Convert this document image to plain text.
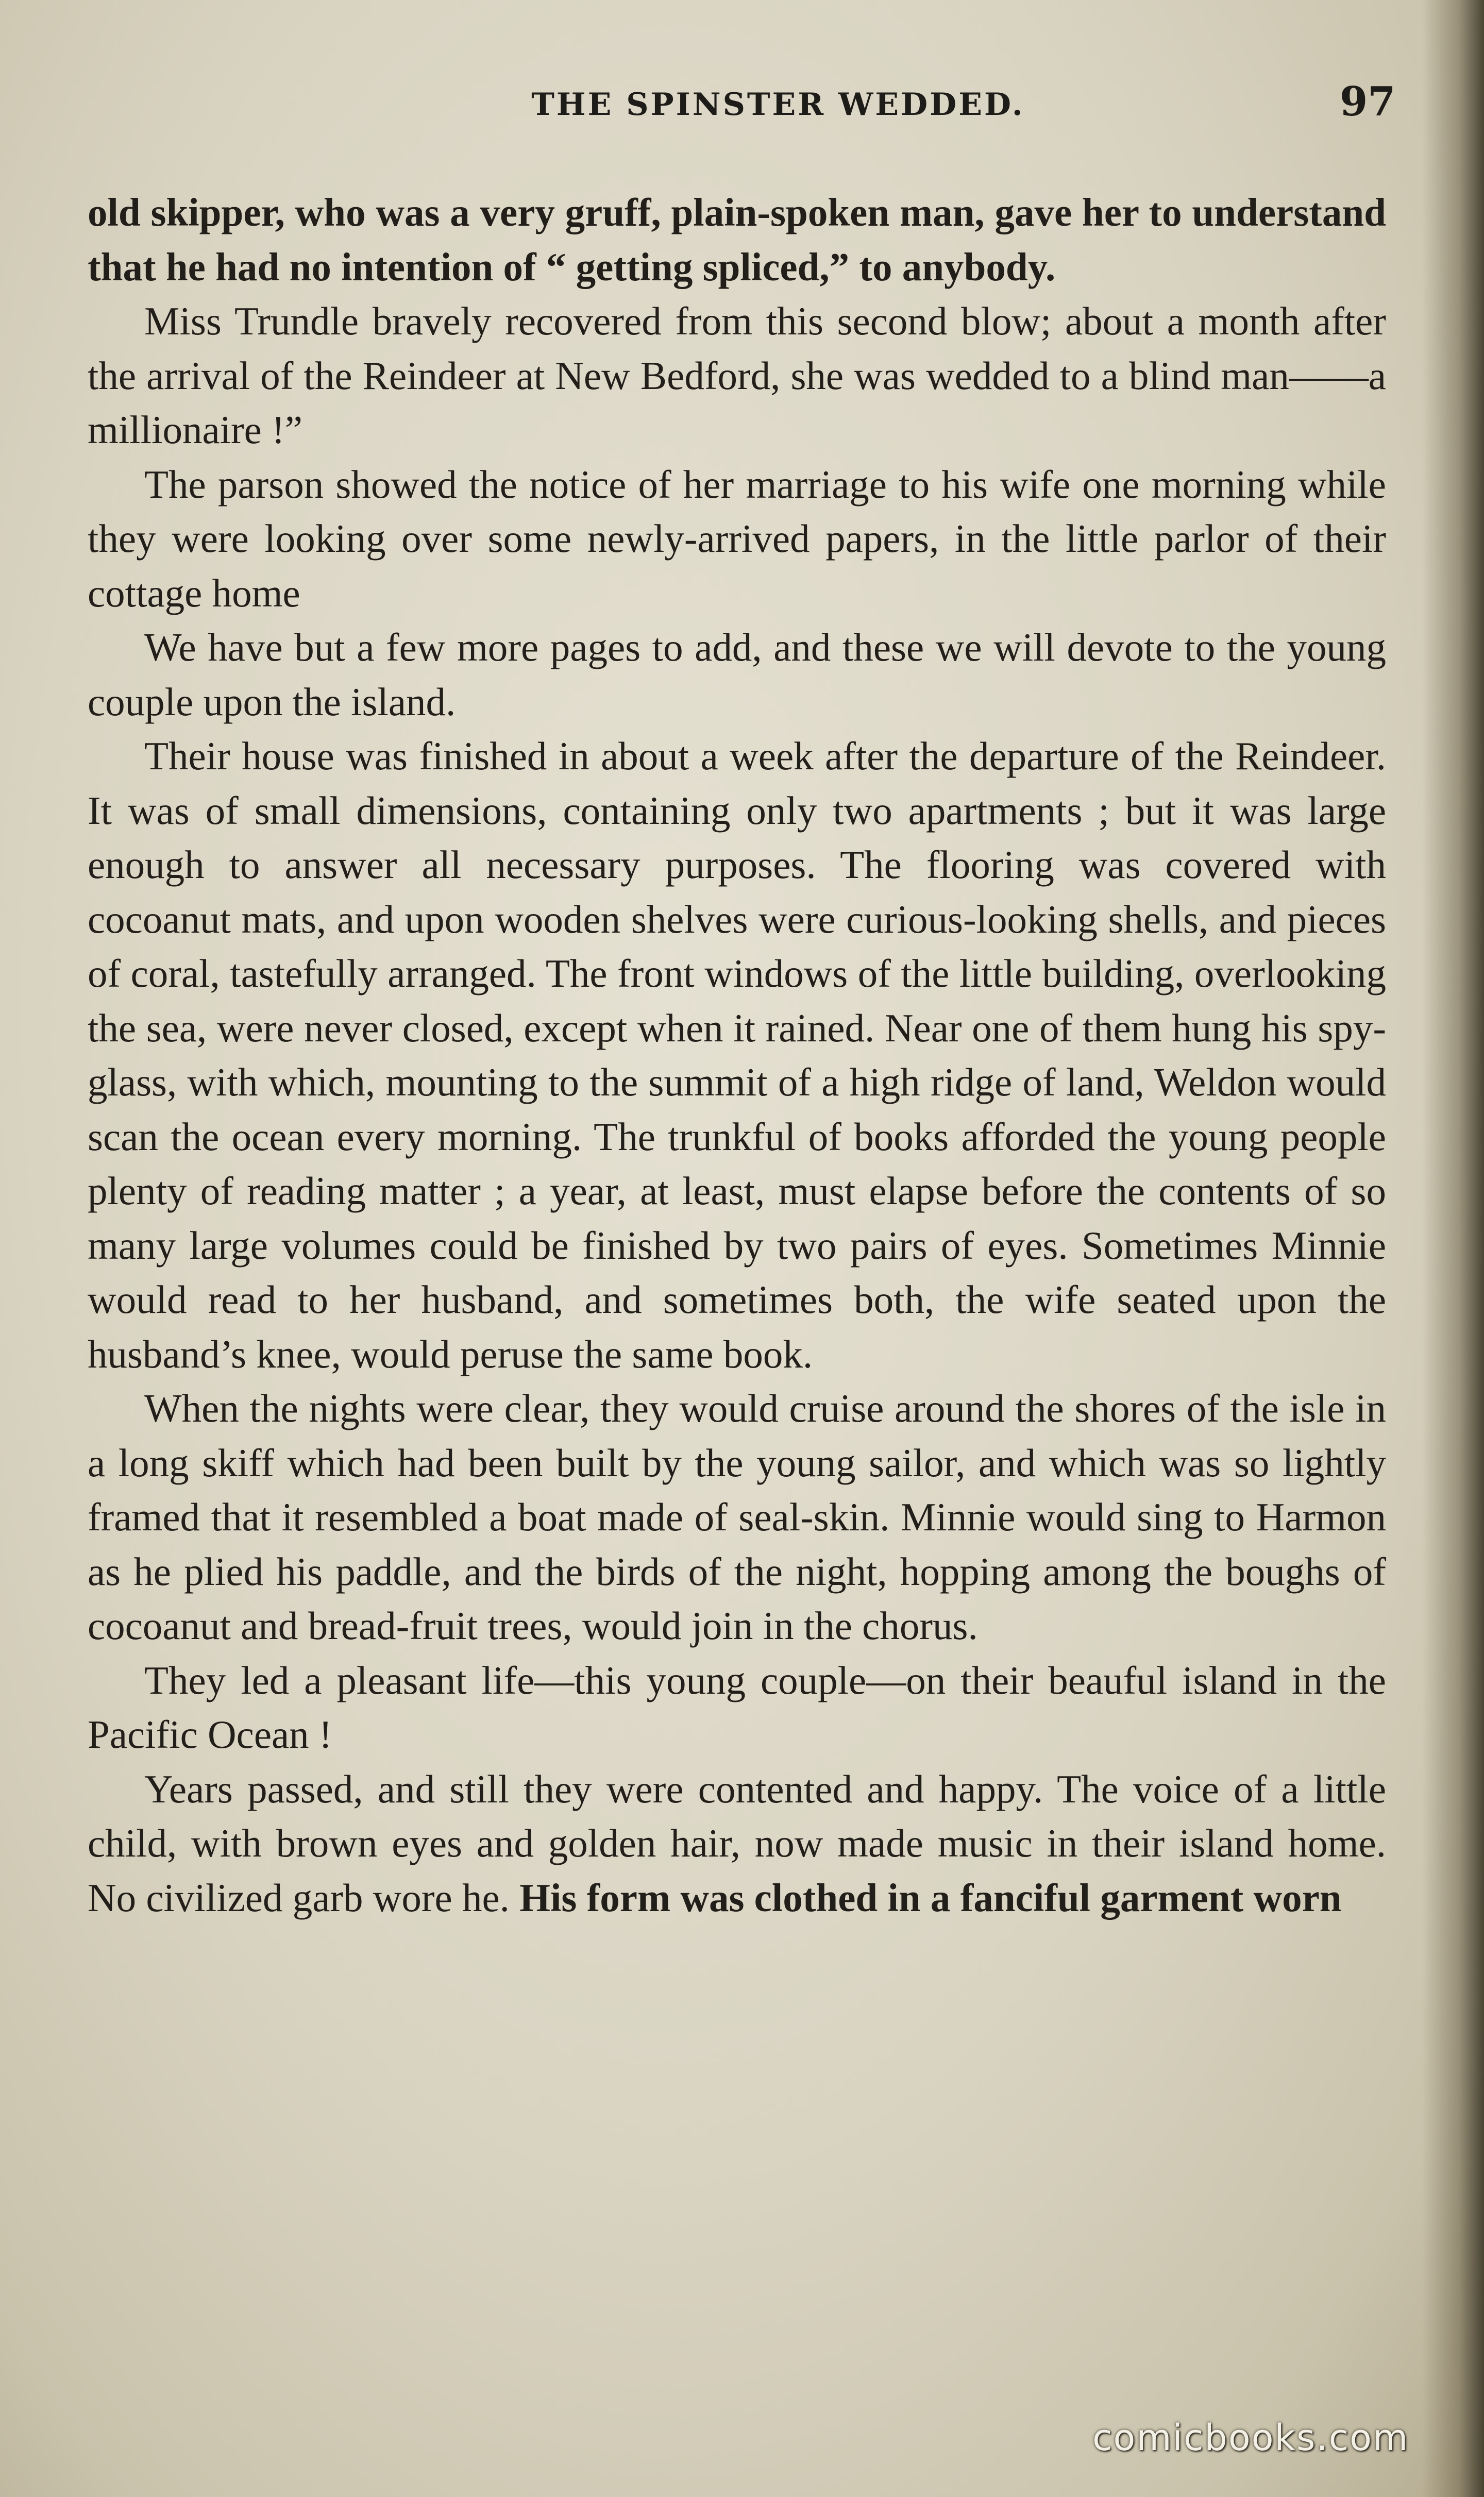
THE SPINSTER WEDDED.	97

old skipper, who was a very gruff, plain-spoken man, gave her to understand that he had no intention of “ getting spliced,” to anybody.

Miss Trundle bravely recovered from this second blow; about a month after the arrival of the Reindeer at New Bedford, she was wedded to a blind man——a millionaire !”

The parson showed the notice of her marriage to his wife one morning while they were looking over some newly-arrived papers, in the little parlor of their cottage home

We have but a few more pages to add, and these we will devote to the young couple upon the island.

Their house was finished in about a week after the departure of the Reindeer. It was of small dimensions, containing only two apartments ; but it was large enough to answer all necessary purposes. The flooring was covered with cocoanut mats, and upon wooden shelves were curious-looking shells, and pieces of coral, tastefully arranged. The front windows of the little building, overlooking the sea, were never closed, except when it rained. Near one of them hung his spy-glass, with which, mounting to the summit of a high ridge of land, Weldon would scan the ocean every morning. The trunkful of books afforded the young people plenty of reading matter ; a year, at least, must elapse before the contents of so many large volumes could be finished by two pairs of eyes. Sometimes Minnie would read to her husband, and sometimes both, the wife seated upon the husband’s knee, would peruse the same book.

When the nights were clear, they would cruise around the shores of the isle in a long skiff which had been built by the young sailor, and which was so lightly framed that it resembled a boat made of seal-skin. Minnie would sing to Harmon as he plied his paddle, and the birds of the night, hopping among the boughs of cocoanut and bread-fruit trees, would join in the chorus.

They led a pleasant life—this young couple—on their beauful island in the Pacific Ocean !

Years passed, and still they were contented and happy. The voice of a little child, with brown eyes and golden hair, now made music in their island home. No civilized garb wore he. His form was clothed in a fanciful garment worn

comicbooks.com
